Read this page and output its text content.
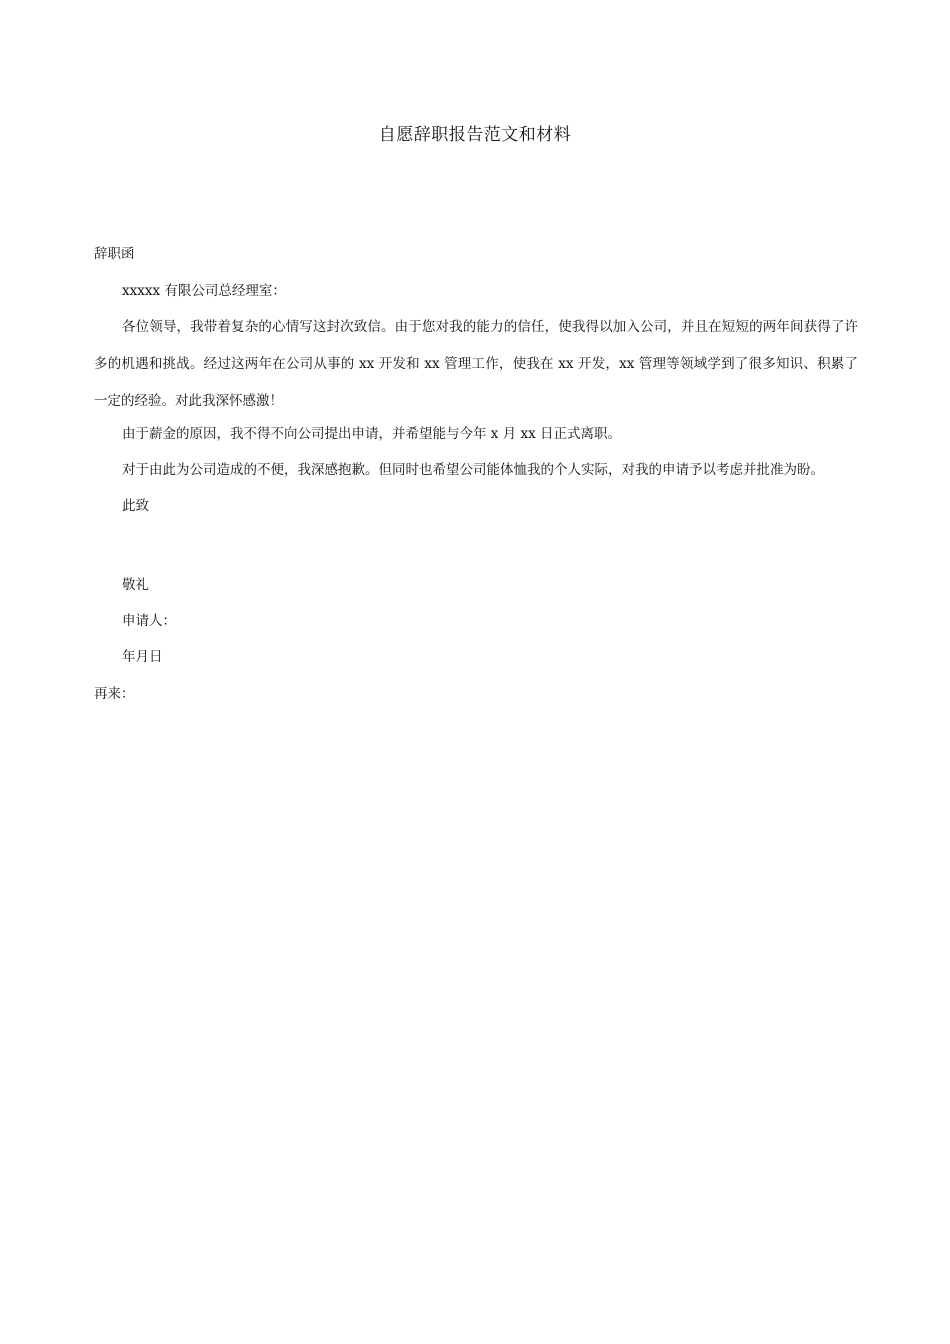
自愿辞职报告范文和材料

辞职函

xxxxx 有限公司总经理室：

各位领导，我带着复杂的心情写这封次致信。由于您对我的能力的信任，使我得以加入公司，并且在短短的两年间获得了许多的机遇和挑战。经过这两年在公司从事的 xx 开发和 xx 管理工作，使我在 xx 开发，xx 管理等领域学到了很多知识、积累了一定的经验。对此我深怀感激！

由于薪金的原因，我不得不向公司提出申请，并希望能与今年 x 月 xx 日正式离职。

对于由此为公司造成的不便，我深感抱歉。但同时也希望公司能体恤我的个人实际，对我的申请予以考虑并批准为盼。

此致

敬礼

申请人：

年月日

再来：
